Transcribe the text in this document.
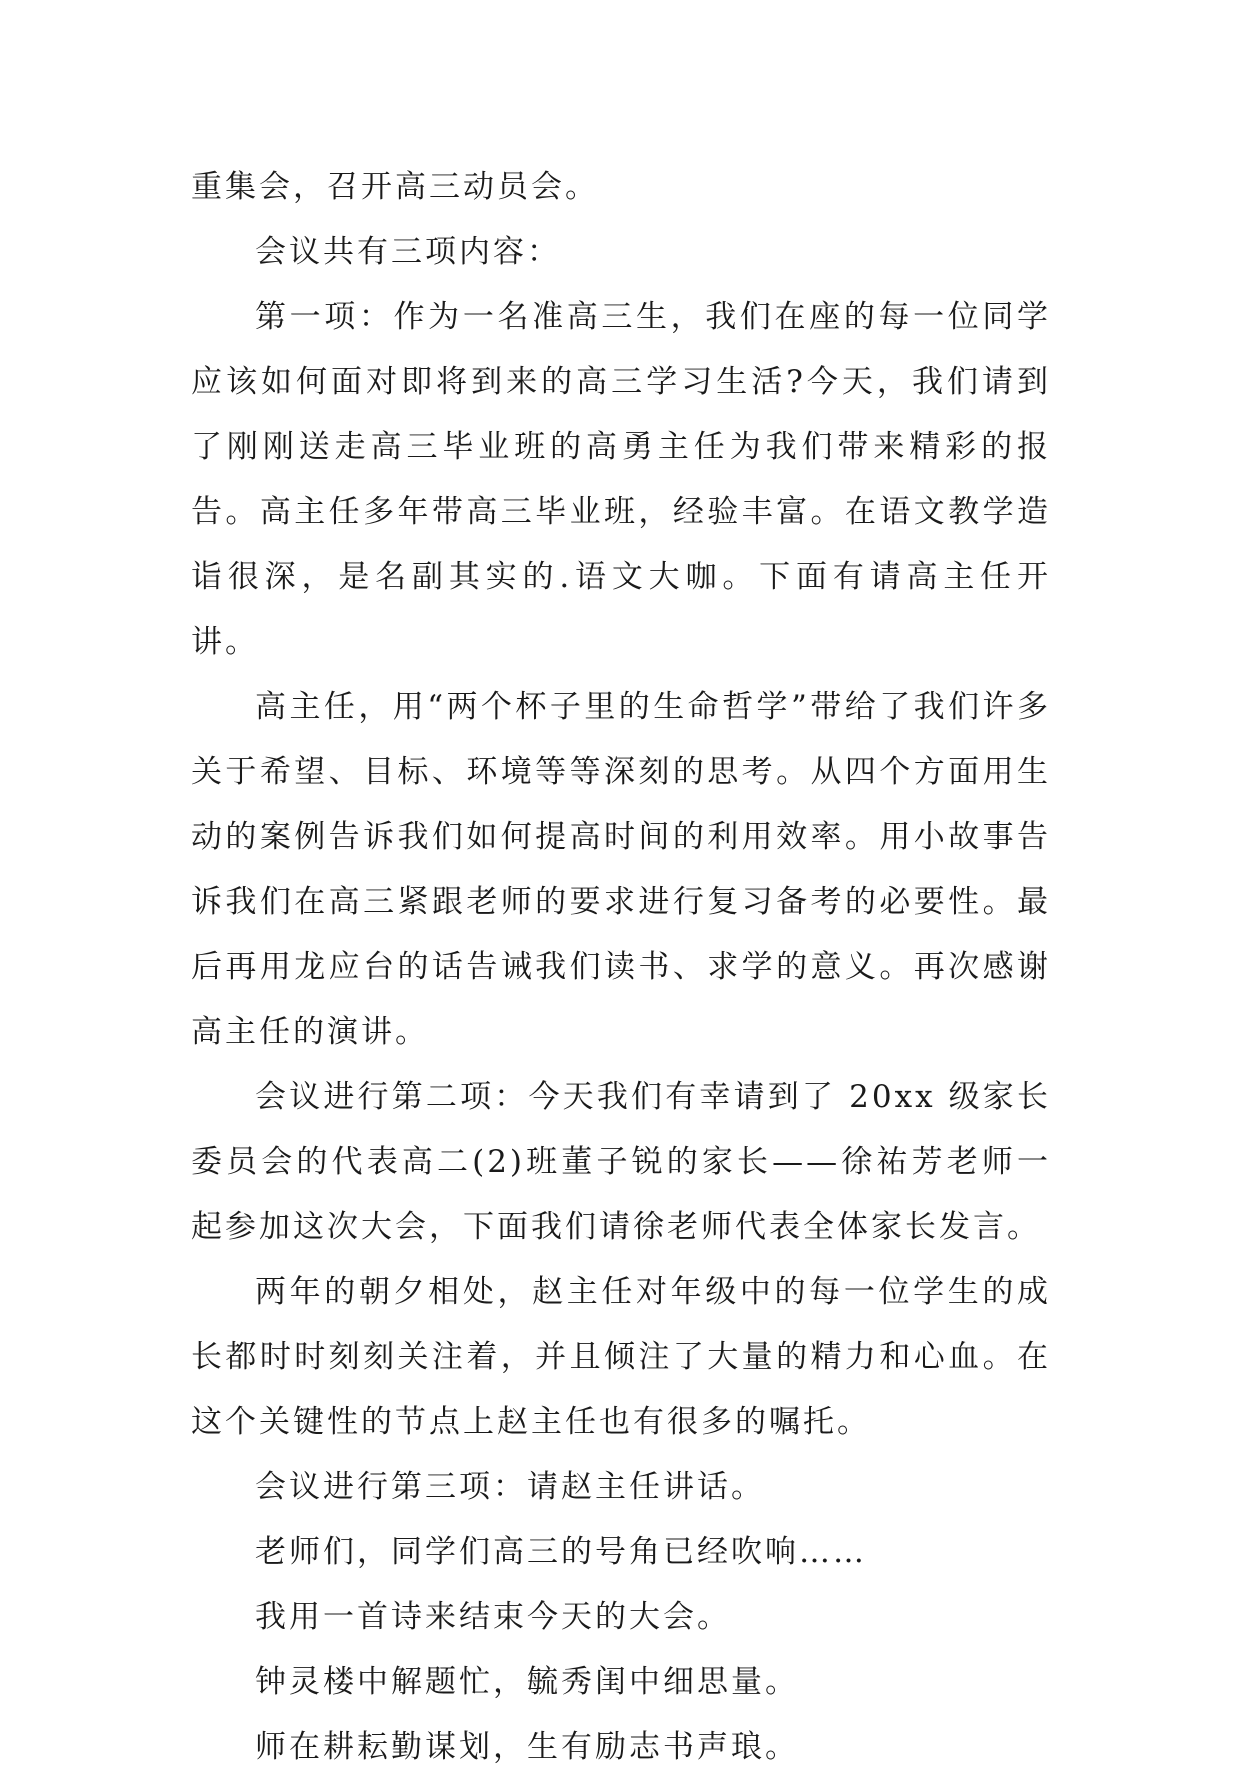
重集会，召开高三动员会。

会议共有三项内容：

第一项：作为一名准高三生，我们在座的每一位同学应该如何面对即将到来的高三学习生活?今天，我们请到了刚刚送走高三毕业班的高勇主任为我们带来精彩的报告。高主任多年带高三毕业班，经验丰富。在语文教学造诣很深，是名副其实的.语文大咖。下面有请高主任开讲。

高主任，用“两个杯子里的生命哲学”带给了我们许多关于希望、目标、环境等等深刻的思考。从四个方面用生动的案例告诉我们如何提高时间的利用效率。用小故事告诉我们在高三紧跟老师的要求进行复习备考的必要性。最后再用龙应台的话告诫我们读书、求学的意义。再次感谢高主任的演讲。

会议进行第二项：今天我们有幸请到了 20xx 级家长委员会的代表高二(2)班董子锐的家长——徐祐芳老师一起参加这次大会，下面我们请徐老师代表全体家长发言。

两年的朝夕相处，赵主任对年级中的每一位学生的成长都时时刻刻关注着，并且倾注了大量的精力和心血。在这个关键性的节点上赵主任也有很多的嘱托。

会议进行第三项：请赵主任讲话。

老师们，同学们高三的号角已经吹响……

我用一首诗来结束今天的大会。

钟灵楼中解题忙，毓秀闺中细思量。

师在耕耘勤谋划，生有励志书声琅。
